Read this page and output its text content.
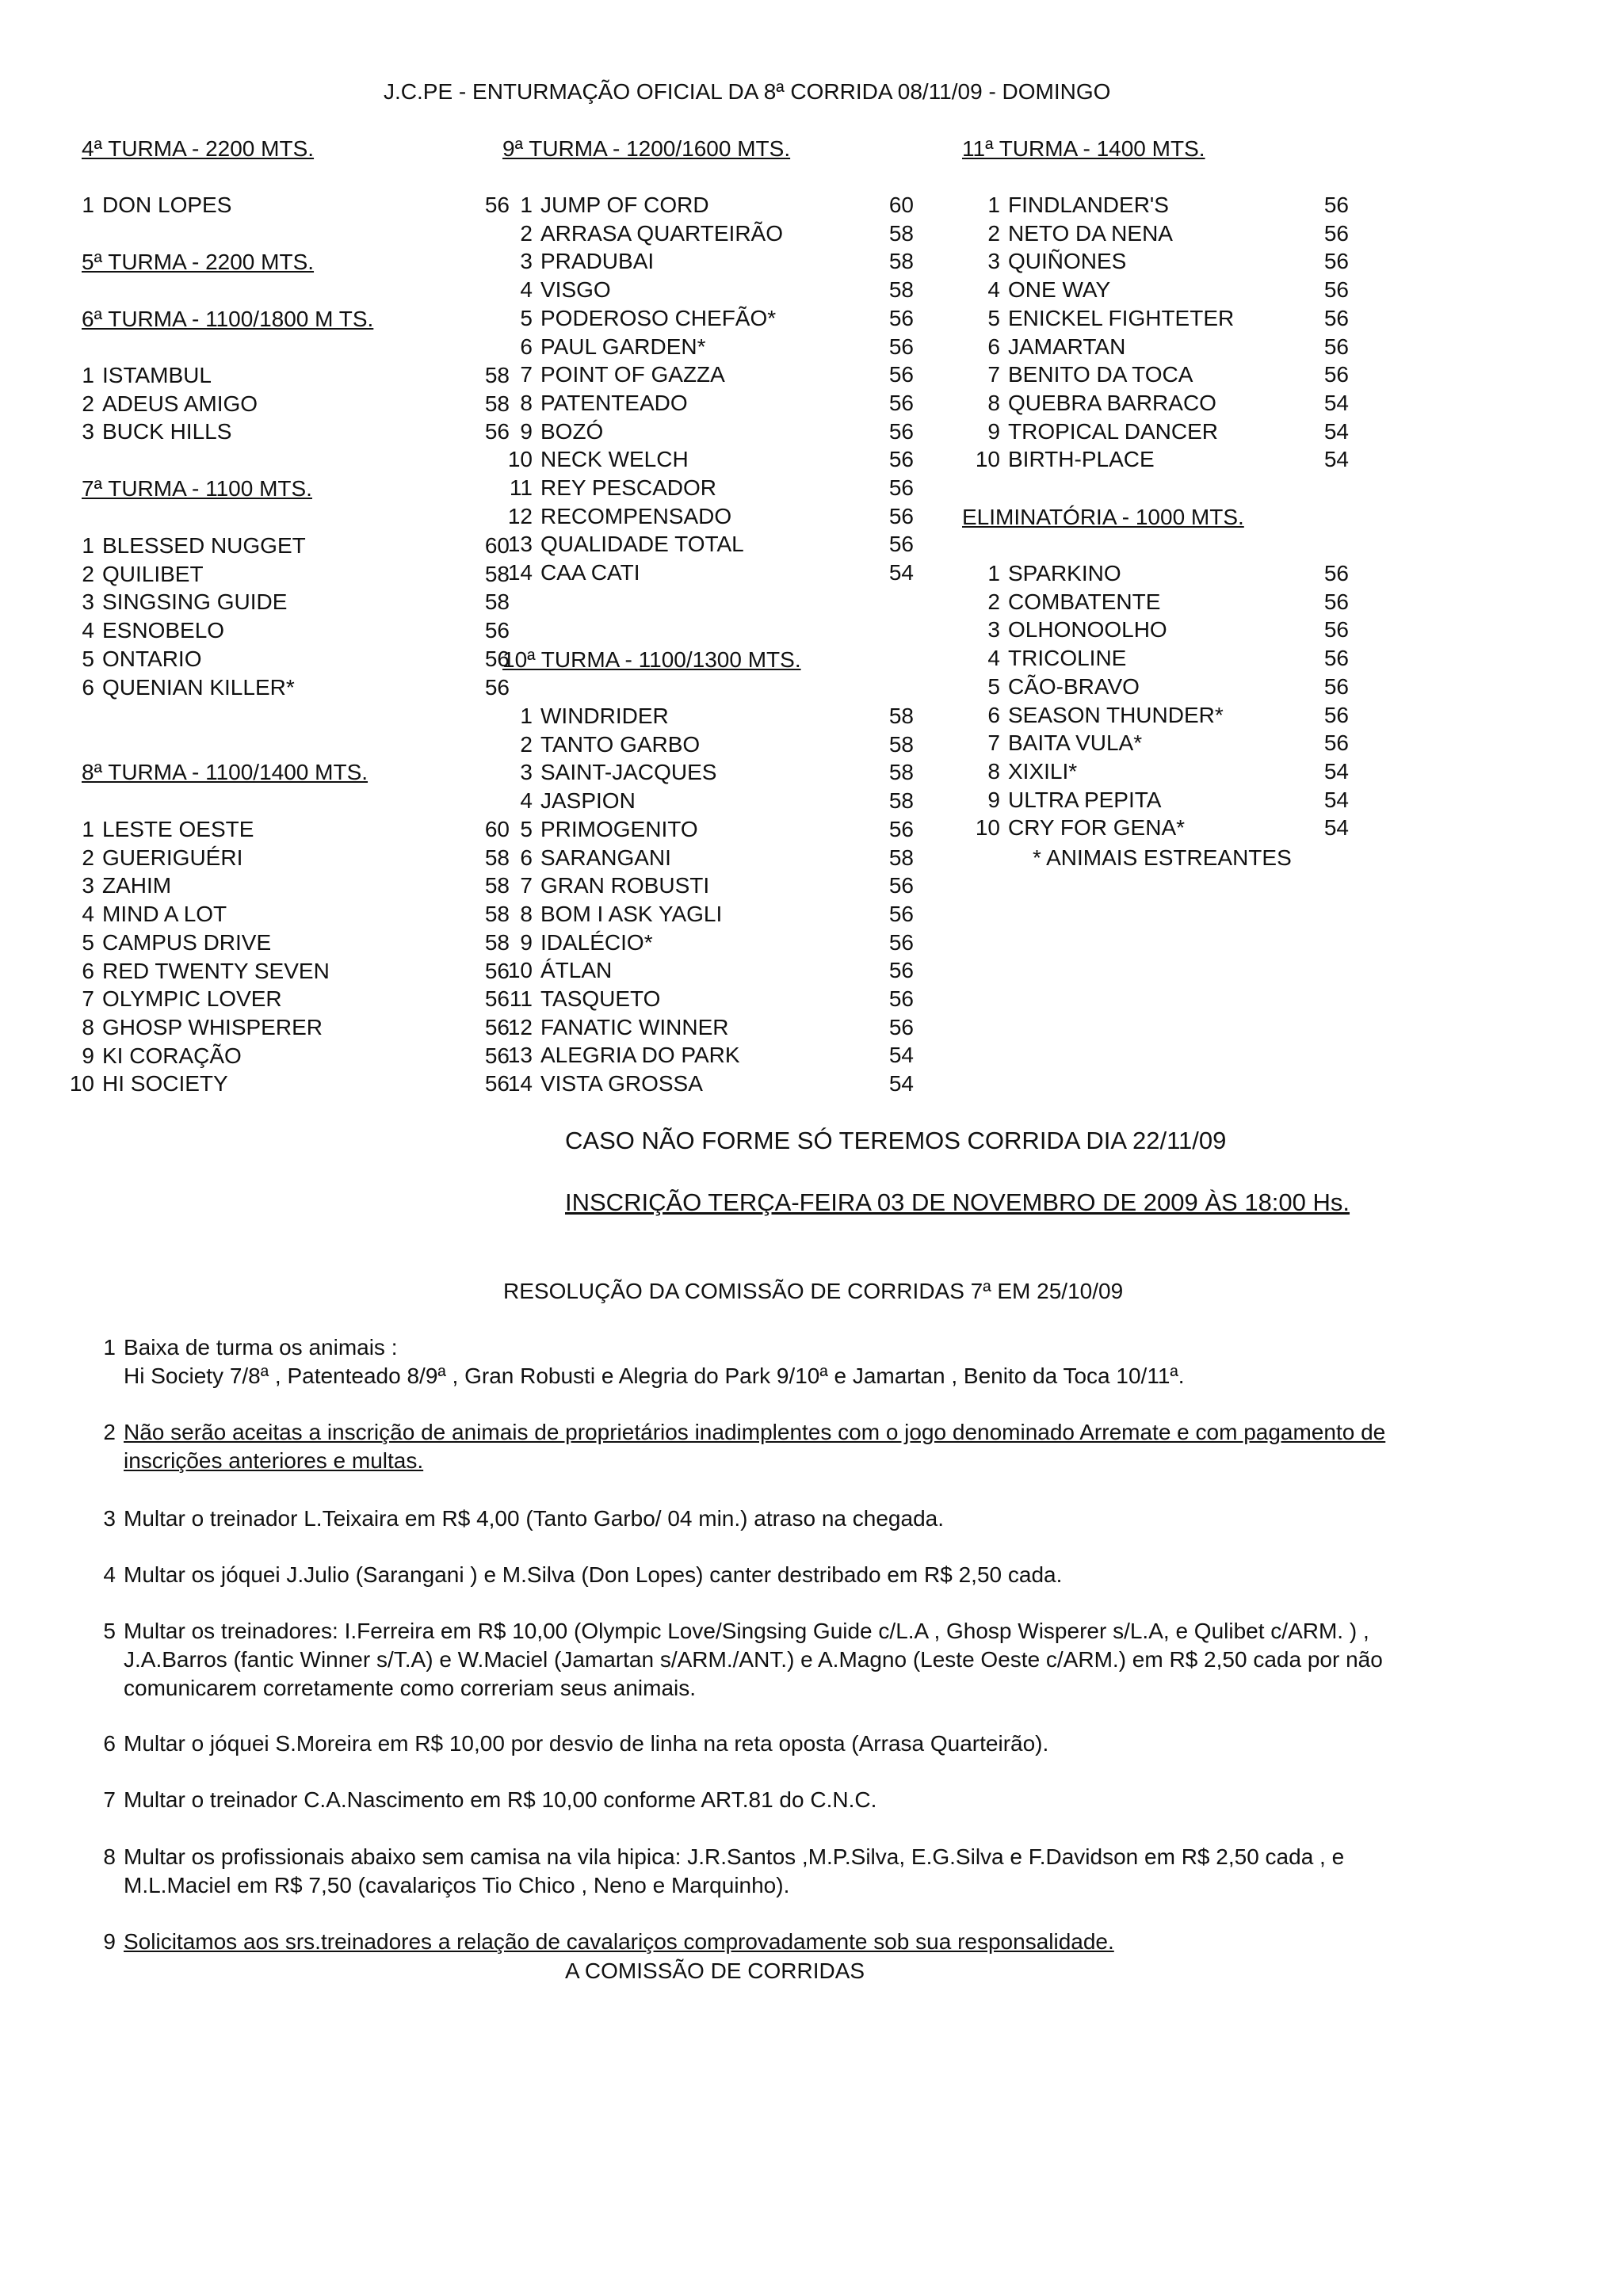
J.C.PE - ENTURMAÇÃO OFICIAL DA 8ª CORRIDA 08/11/09 - DOMINGO
4ª TURMA - 2200 MTS.
1 DON LOPES	56
5ª TURMA - 2200 MTS.
6ª TURMA - 1100/1800 M TS.
1 ISTAMBUL	58
2 ADEUS AMIGO	58
3 BUCK HILLS	56
7ª TURMA - 1100 MTS.
1 BLESSED NUGGET	60
2 QUILIBET	58
3 SINGSING GUIDE	58
4 ESNOBELO	56
5 ONTARIO	56
6 QUENIAN KILLER*	56
8ª TURMA - 1100/1400 MTS.
1 LESTE OESTE	60
2 GUERIGUÉRI	58
3 ZAHIM	58
4 MIND A LOT	58
5 CAMPUS DRIVE	58
6 RED TWENTY SEVEN	56
7 OLYMPIC LOVER	56
8 GHOSP WHISPERER	56
9 KI CORAÇÃO	56
10 HI SOCIETY	56
9ª TURMA - 1200/1600 MTS.
1 JUMP OF CORD	60
2 ARRASA QUARTEIRÃO	58
3 PRADUBAI	58
4 VISGO	58
5 PODEROSO CHEFÃO*	56
6 PAUL GARDEN*	56
7 POINT OF GAZZA	56
8 PATENTEADO	56
9 BOZÓ	56
10 NECK WELCH	56
11 REY PESCADOR	56
12 RECOMPENSADO	56
13 QUALIDADE TOTAL	56
14 CAA CATI	54
10ª TURMA - 1100/1300 MTS.
1 WINDRIDER	58
2 TANTO GARBO	58
3 SAINT-JACQUES	58
4 JASPION	58
5 PRIMOGENITO	56
6 SARANGANI	58
7 GRAN ROBUSTI	56
8 BOM I ASK YAGLI	56
9 IDALÉCIO*	56
10 ÁTLAN	56
11 TASQUETO	56
12 FANATIC WINNER	56
13 ALEGRIA DO PARK	54
14 VISTA GROSSA	54
11ª TURMA - 1400 MTS.
1 FINDLANDER'S	56
2 NETO DA NENA	56
3 QUIÑONES	56
4 ONE WAY	56
5 ENICKEL FIGHTETER	56
6 JAMARTAN	56
7 BENITO DA TOCA	56
8 QUEBRA BARRACO	54
9 TROPICAL DANCER	54
10 BIRTH-PLACE	54
ELIMINATÓRIA - 1000 MTS.
1 SPARKINO	56
2 COMBATENTE	56
3 OLHONOOLHO	56
4 TRICOLINE	56
5 CÃO-BRAVO	56
6 SEASON THUNDER*	56
7 BAITA VULA*	56
8 XIXILI*	54
9 ULTRA PEPITA	54
10 CRY FOR GENA*	54
* ANIMAIS ESTREANTES
CASO NÃO FORME SÓ TEREMOS CORRIDA DIA 22/11/09
INSCRIÇÃO TERÇA-FEIRA 03 DE NOVEMBRO DE 2009 ÀS 18:00 Hs.
RESOLUÇÃO DA COMISSÃO DE CORRIDAS 7ª EM 25/10/09
1 Baixa de turma os animais :
Hi Society 7/8ª , Patenteado 8/9ª , Gran Robusti e Alegria do Park 9/10ª e Jamartan , Benito da Toca 10/11ª.
2 Não serão aceitas a inscrição de animais de proprietários inadimplentes com o jogo denominado Arremate e com pagamento de
inscrições anteriores e multas.
3 Multar o treinador L.Teixaira em R$ 4,00 (Tanto Garbo/ 04 min.) atraso na chegada.
4 Multar os jóquei J.Julio (Sarangani ) e M.Silva (Don Lopes) canter destribado em R$ 2,50 cada.
5 Multar os treinadores: I.Ferreira em R$ 10,00 (Olympic Love/Singsing Guide c/L.A , Ghosp Wisperer s/L.A, e Qulibet c/ARM. ) ,
J.A.Barros (fantic Winner s/T.A) e W.Maciel (Jamartan s/ARM./ANT.) e A.Magno (Leste Oeste c/ARM.) em R$ 2,50 cada por não
comunicarem corretamente como correriam seus animais.
6 Multar o jóquei S.Moreira em R$ 10,00 por desvio de linha na reta oposta (Arrasa Quarteirão).
7 Multar o treinador C.A.Nascimento em R$ 10,00 conforme ART.81 do C.N.C.
8 Multar os profissionais abaixo sem camisa na vila hipica: J.R.Santos ,M.P.Silva, E.G.Silva e F.Davidson em R$ 2,50 cada , e
M.L.Maciel em R$ 7,50 (cavalariços Tio Chico , Neno e Marquinho).
9 Solicitamos aos srs.treinadores a relação de cavalariços comprovadamente sob sua responsalidade.
A COMISSÃO DE CORRIDAS
